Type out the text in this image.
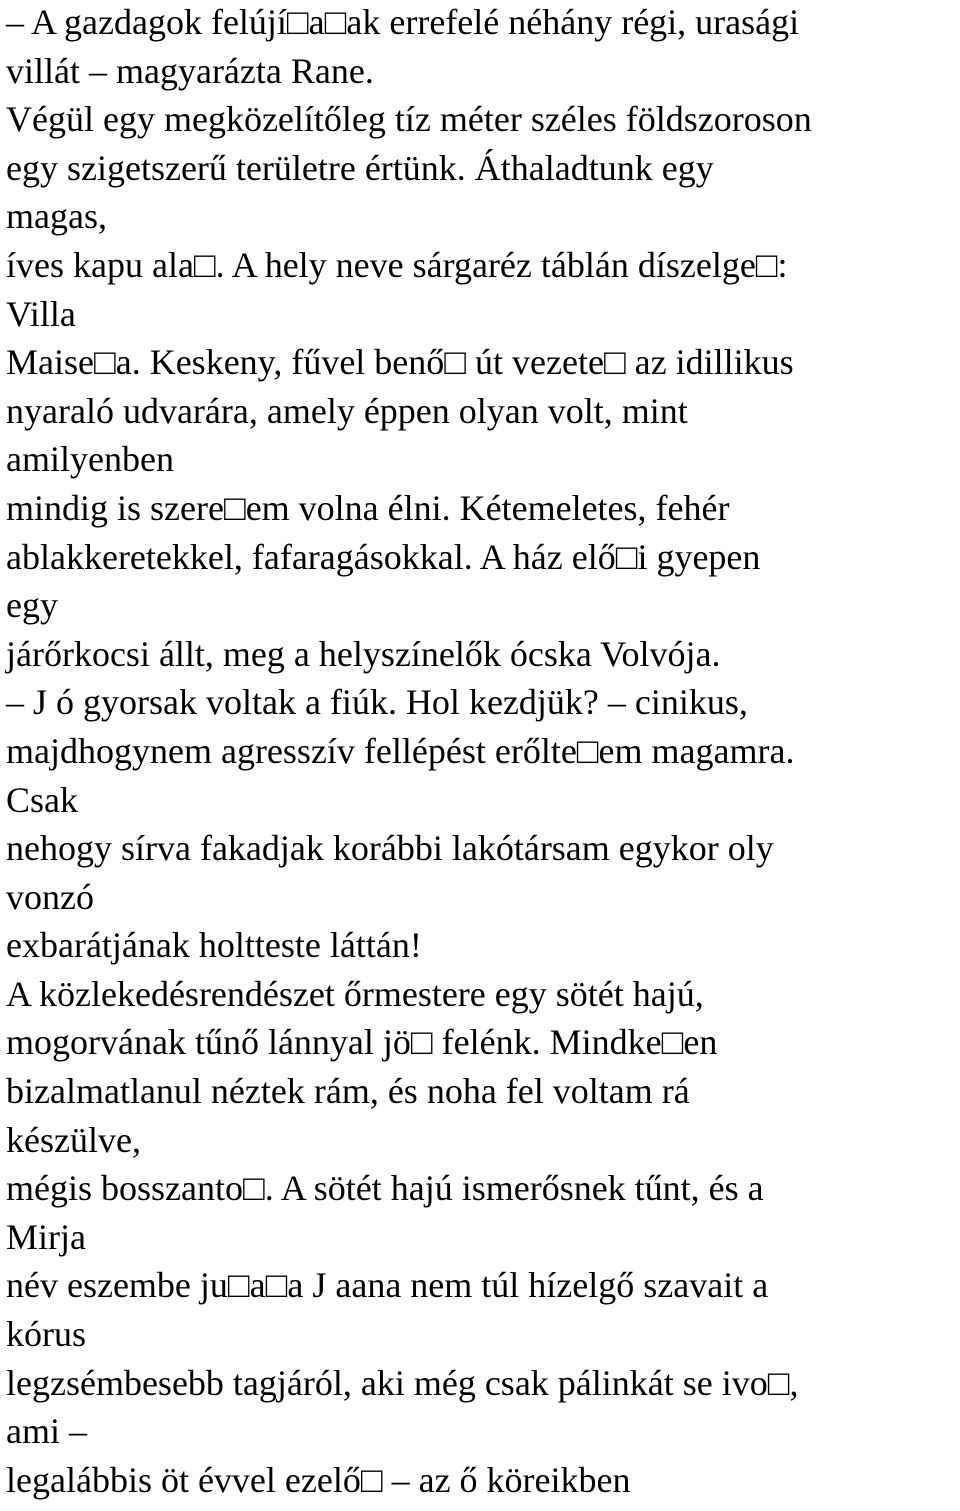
– A gazdagok felújí□a□ak errefelé néhány régi, urasági
villát – magyarázta Rane.
Végül egy megközelítőleg tíz méter széles földszoroson
egy szigetszerű területre értünk. Áthaladtunk egy
magas,
íves kapu ala□. A hely neve sárgaréz táblán díszelge□:
Villa
Maise□a. Keskeny, fűvel benő□ út vezete□ az idillikus
nyaraló udvarára, amely éppen olyan volt, mint
amilyenben
mindig is szere□em volna élni. Kétemeletes, fehér
ablakkeretekkel, fafaragásokkal. A ház elő□i gyepen
egy
járőrkocsi állt, meg a helyszínelők ócska Volvója.
– J ó gyorsak voltak a fiúk. Hol kezdjük? – cinikus,
majdhogynem agresszív fellépést erőlte□em magamra.
Csak
nehogy sírva fakadjak korábbi lakótársam egykor oly
vonzó
exbarátjának holtteste láttán!
A közlekedésrendészet őrmestere egy sötét hajú,
mogorvának tűnő lánnyal jö□ felénk. Mindke□en
bizalmatlanul néztek rám, és noha fel voltam rá
készülve,
mégis bosszanto□. A sötét hajú ismerősnek tűnt, és a
Mirja
név eszembe ju□a□a J aana nem túl hízelgő szavait a
kórus
legzsémbesebb tagjáról, aki még csak pálinkát se ivo□,
ami –
legalábbis öt évvel ezelő□ – az ő köreikben
